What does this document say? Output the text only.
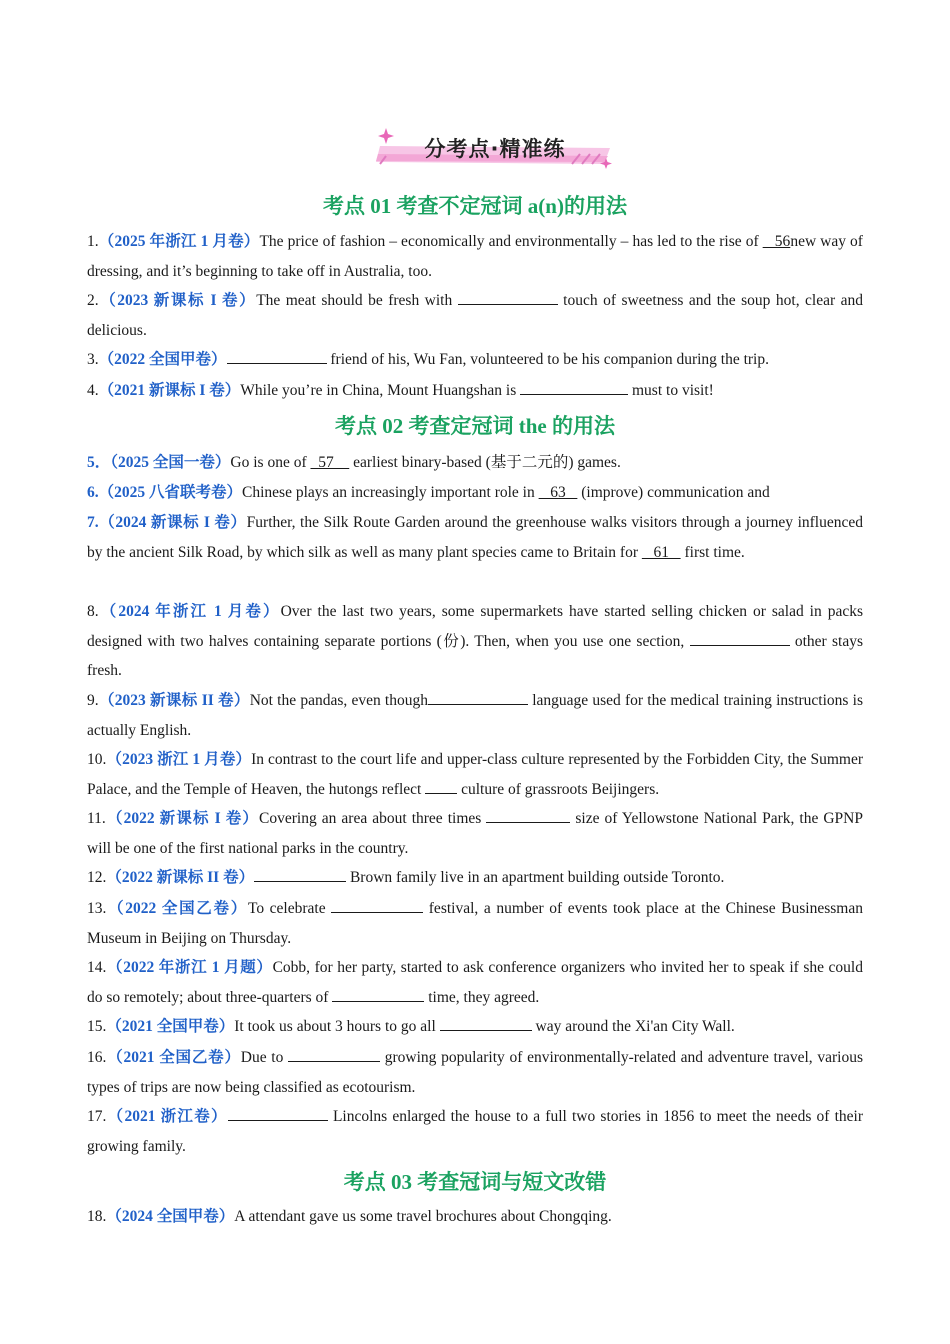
分考点·精准练
考点 01 考查不定冠词 a(n)的用法
1.（2025 年浙江 1 月卷）The price of fashion – economically and environmentally – has led to the rise of    56new way of dressing, and it’s beginning to take off in Australia, too.
2.（2023 新课标 I 卷）The meat should be fresh with	touch of sweetness and the soup hot, clear and delicious.
3.（2022 全国甲卷）	friend of his, Wu Fan, volunteered to be his companion during the trip.
4.（2021 新课标 I 卷）While you’re in China, Mount Huangshan is	must to visit!
考点 02 考查定冠词 the 的用法
5．（2025 全国一卷）Go is one of   57     earliest binary-based (基于二元的) games.
6.（2025 八省联考卷）Chinese plays an increasingly important role in    63    (improve) communication and
7.（2024 新课标 I 卷）Further, the Silk Route Garden around the greenhouse walks visitors through a journey influenced by the ancient Silk Road, by which silk as well as many plant species came to Britain for    61    first time.
8.（2024 年浙江 1 月卷）Over the last two years, some supermarkets have started selling chicken or salad in packs designed with two halves containing separate portions (份). Then, when you use one section,	other stays fresh.
9.（2023 新课标 II 卷）Not the pandas, even though	language used for the medical training instructions is actually English.
10.（2023 浙江 1 月卷）In contrast to the court life and upper-class culture represented by the Forbidden City, the Summer Palace, and the Temple of Heaven, the hutongs reflect  culture of grassroots Beijingers.
11.（2022 新课标 I 卷）Covering an area about three times	size of Yellowstone National Park, the GPNP will be one of the first national parks in the country.
12.（2022 新课标 II 卷）	Brown family live in an apartment building outside Toronto.
13.（2022 全国乙卷）To celebrate	festival, a number of events took place at the Chinese Businessman Museum in Beijing on Thursday.
14.（2022 年浙江 1 月题）Cobb, for her party, started to ask conference organizers who invited her to speak if she could do so remotely; about three-quarters of	time, they agreed.
15.（2021 全国甲卷）It took us about 3 hours to go all	way around the Xi'an City Wall.
16.（2021 全国乙卷）Due to	growing popularity of environmentally-related and adventure travel, various types of trips are now being classified as ecotourism.
17.（2021 浙江卷）	Lincolns enlarged the house to a full two stories in 1856 to meet the needs of their growing family.
考点 03 考查冠词与短文改错
18.（2024 全国甲卷）A attendant gave us some travel brochures about Chongqing.
